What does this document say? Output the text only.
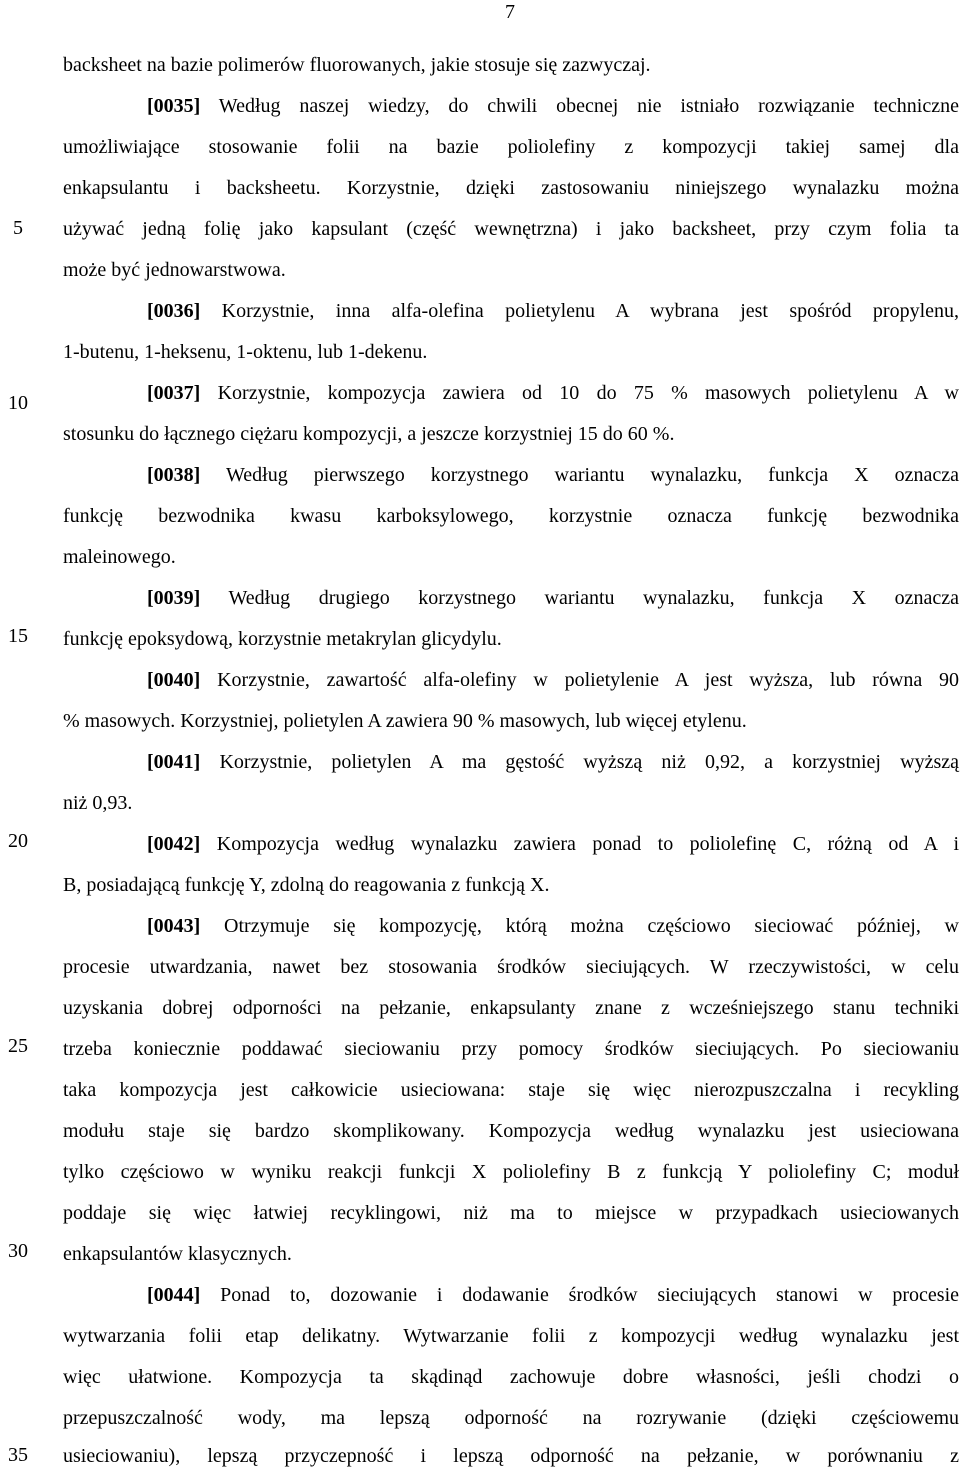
7
5
10
15
20
25
30
35
backsheet na bazie polimerów fluorowanych, jakie stosuje się zazwyczaj.
[0035] Według naszej wiedzy, do chwili obecnej nie istniało rozwiązanie techniczne
umożliwiające stosowanie folii na bazie poliolefiny z kompozycji takiej samej dla
enkapsulantu i backsheetu. Korzystnie, dzięki zastosowaniu niniejszego wynalazku można
używać jedną folię jako kapsulant (część wewnętrzna) i jako backsheet, przy czym folia ta
może być jednowarstwowa.
[0036] Korzystnie, inna alfa-olefina polietylenu A wybrana jest spośród propylenu,
1-butenu, 1-heksenu, 1-oktenu, lub 1-dekenu.
[0037] Korzystnie, kompozycja zawiera od 10 do 75 % masowych polietylenu A w
stosunku do łącznego ciężaru kompozycji, a jeszcze korzystniej 15 do 60 %.
[0038] Według pierwszego korzystnego wariantu wynalazku, funkcja X oznacza
funkcję bezwodnika kwasu karboksylowego, korzystnie oznacza funkcję bezwodnika
maleinowego.
[0039] Według drugiego korzystnego wariantu wynalazku, funkcja X oznacza
funkcję epoksydową, korzystnie metakrylan glicydylu.
[0040] Korzystnie, zawartość alfa-olefiny w polietylenie A jest wyższa, lub równa 90
% masowych. Korzystniej, polietylen A zawiera 90 % masowych, lub więcej etylenu.
[0041] Korzystnie, polietylen A ma gęstość wyższą niż 0,92, a korzystniej wyższą
niż 0,93.
[0042] Kompozycja według wynalazku zawiera ponad to poliolefinę C, różną od A i
B, posiadającą funkcję Y, zdolną do reagowania z funkcją X.
[0043] Otrzymuje się kompozycję, którą można częściowo sieciować później, w
procesie utwardzania, nawet bez stosowania środków sieciujących. W rzeczywistości, w celu
uzyskania dobrej odporności na pełzanie, enkapsulanty znane z wcześniejszego stanu techniki
trzeba koniecznie poddawać sieciowaniu przy pomocy środków sieciujących. Po sieciowaniu
taka kompozycja jest całkowicie usieciowana: staje się więc nierozpuszczalna i recykling
modułu staje się bardzo skomplikowany. Kompozycja według wynalazku jest usieciowana
tylko częściowo w wyniku reakcji funkcji X poliolefiny B z funkcją Y poliolefiny C; moduł
poddaje się więc łatwiej recyklingowi, niż ma to miejsce w przypadkach usieciowanych
enkapsulantów klasycznych.
[0044] Ponad to, dozowanie i dodawanie środków sieciujących stanowi w procesie
wytwarzania folii etap delikatny. Wytwarzanie folii z kompozycji według wynalazku jest
więc ułatwione. Kompozycja ta skądinąd zachowuje dobre własności, jeśli chodzi o
przepuszczalność wody, ma lepszą odporność na rozrywanie (dzięki częściowemu
usieciowaniu), lepszą przyczepność i lepszą odporność na pełzanie, w porównaniu z
